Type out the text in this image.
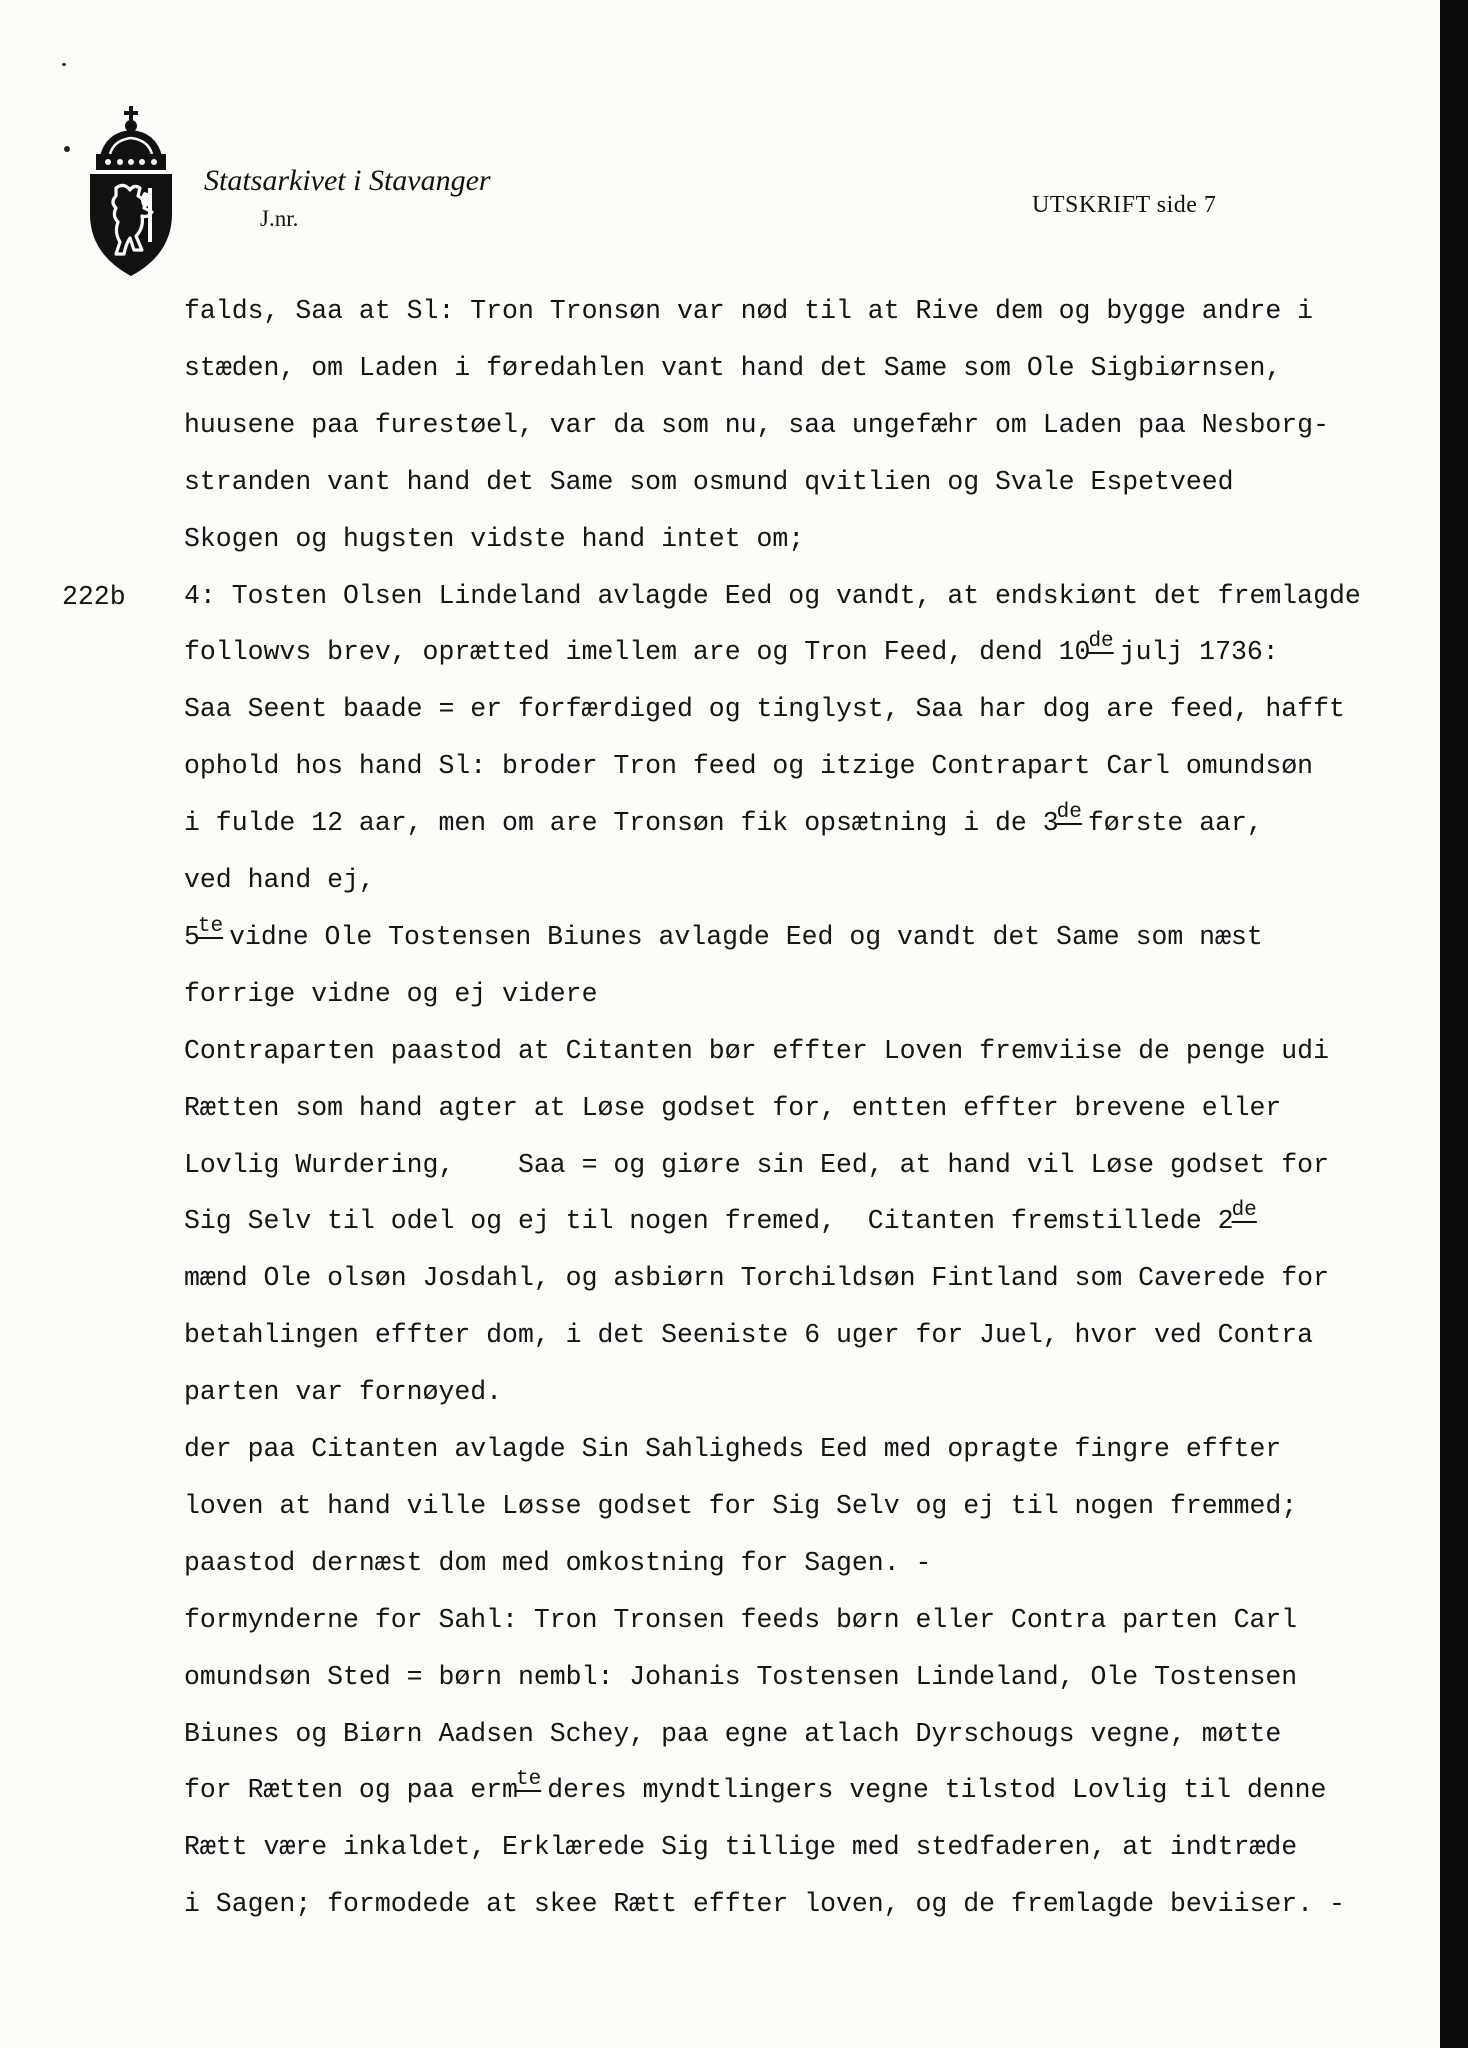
Statsarkivet i Stavanger
J.nr.
UTSKRIFT side 7
222b
falds, Saa at Sl: Tron Tronsøn var nød til at Rive dem og bygge andre i
stæden, om Laden i føredahlen vant hand det Same som Ole Sigbiørnsen,
huusene paa furestøel, var da som nu, saa ungefæhr om Laden paa Nesborg-
stranden vant hand det Same som osmund qvitlien og Svale Espetveed
Skogen og hugsten vidste hand intet om;
4: Tosten Olsen Lindeland avlagde Eed og vandt, at endskiønt det fremlagde
followvs brev, oprætted imellem are og Tron Feed, dend 10de julj 1736:
Saa Seent baade = er forfærdiged og tinglyst, Saa har dog are feed, hafft
ophold hos hand Sl: broder Tron feed og itzige Contrapart Carl omundsøn
i fulde 12 aar, men om are Tronsøn fik opsætning i de 3de første aar,
ved hand ej,
$5^{te}$ vidne Ole Tostensen Biunes avlagde Eed og vandt det Same som næst
forrige vidne og ej videre
Contraparten paastod at Citanten bør effter Loven fremviise de penge udi
Rætten som hand agter at Løse godset for, entten effter brevene eller
Lovlig Wurdering,    Saa = og giøre sin Eed, at hand vil Løse godset for
Sig Selv til odel og ej til nogen fremed,  Citanten fremstillede 2de
mænd Ole olsøn Josdahl, og asbiørn Torchildsøn Fintland som Caverede for
betahlingen effter dom, i det Seeniste 6 uger for Juel, hvor ved Contra
parten var fornøyed.
der paa Citanten avlagde Sin Sahligheds Eed med opragte fingre effter
loven at hand ville Løsse godset for Sig Selv og ej til nogen fremmed;
paastod dernæst dom med omkostning for Sagen. -
formynderne for Sahl: Tron Tronsen feeds børn eller Contra parten Carl
omundsøn Sted = børn nembl: Johanis Tostensen Lindeland, Ole Tostensen
Biunes og Biørn Aadsen Schey, paa egne atlach Dyrschougs vegne, møtte
for Rætten og paa erm$^{te}$ deres myndtlingers vegne tilstod Lovlig til denne
Rætt være inkaldet, Erklærede Sig tillige med stedfaderen, at indtræde
i Sagen; formodede at skee Rætt effter loven, og de fremlagde beviiser. -
